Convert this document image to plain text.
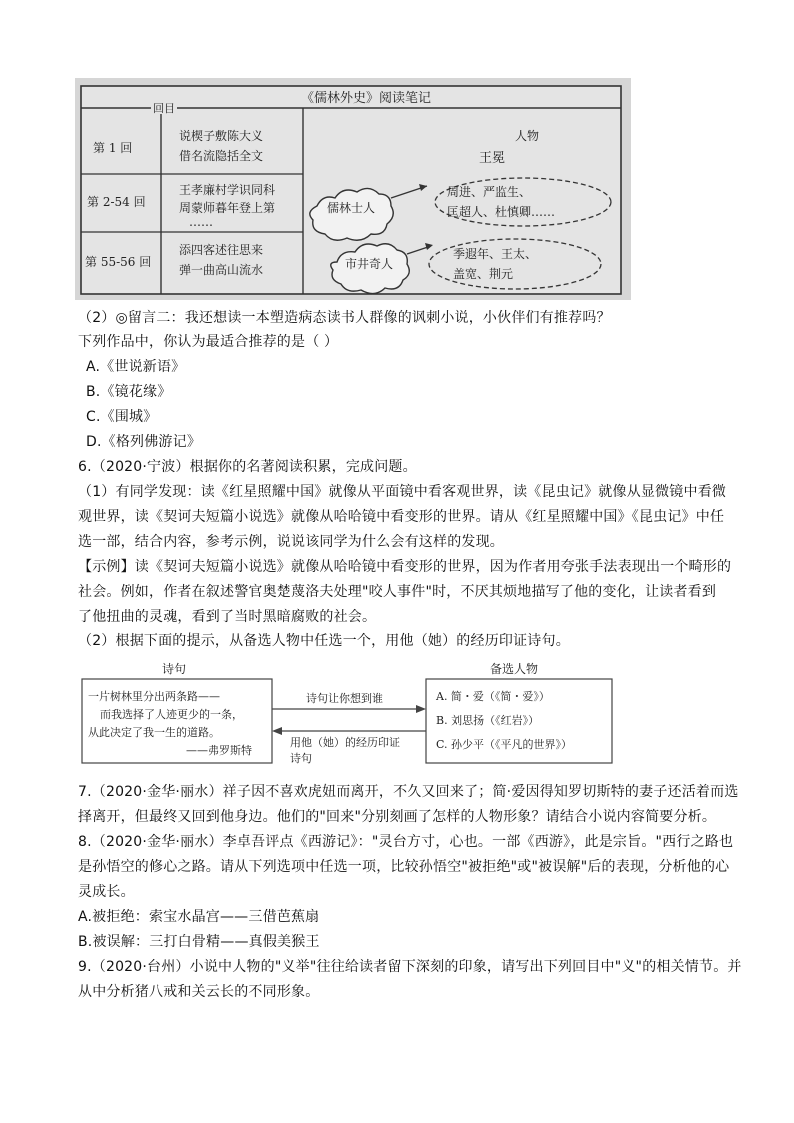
《儒林外史》阅读笔记
回目
人物
第 1 回
说楔子敷陈大义
借名流隐括全文	王冕
第 2-54 回
王孝廉村学识同科
周蒙师暮年登上第
……
儒林士人
周进、严监生、
匡超人、杜慎卿……
第 55-56 回
添四客述往思来
弹一曲高山流水	市井奇人
季遐年、王太、
盖宽、荆元
（2）◎留言二：我还想读一本塑造病态读书人群像的讽刺小说，小伙伴们有推荐吗？
下列作品中，你认为最适合推荐的是（ ）
A.《世说新语》
B.《镜花缘》
C.《围城》
D.《格列佛游记》
6.（2020·宁波）根据你的名著阅读积累，完成问题。
（1）有同学发现：读《红星照耀中国》就像从平面镜中看客观世界，读《昆虫记》就像从显微镜中看微
观世界，读《契诃夫短篇小说选》就像从哈哈镜中看变形的世界。请从《红星照耀中国》《昆虫记》中任
选一部，结合内容，参考示例，说说该同学为什么会有这样的发现。
【示例】读《契诃夫短篇小说选》就像从哈哈镜中看变形的世界，因为作者用夸张手法表现出一个畸形的
社会。例如，作者在叙述警官奥楚蔑洛夫处理"咬人事件"时，不厌其烦地描写了他的变化，让读者看到
了他扭曲的灵魂，看到了当时黑暗腐败的社会。
（2）根据下面的提示，从备选人物中任选一个，用他（她）的经历印证诗句。
诗句
一片树林里分出两条路——
而我选择了人迹更少的一条，
从此决定了我一生的道路。
——弗罗斯特
诗句让你想到谁
用他（她）的经历印证
诗句
备选人物
A. 简・爱（《简・爱》）
B. 刘思扬（《红岩》）
C. 孙少平（《平凡的世界》）
7.（2020·金华·丽水）祥子因不喜欢虎妞而离开，不久又回来了；简·爱因得知罗切斯特的妻子还活着而选
择离开，但最终又回到他身边。他们的"回来"分别刻画了怎样的人物形象？请结合小说内容简要分析。
8.（2020·金华·丽水）李卓吾评点《西游记》："灵台方寸，心也。一部《西游》，此是宗旨。"西行之路也
是孙悟空的修心之路。请从下列选项中任选一项，比较孙悟空"被拒绝"或"被误解"后的表现，分析他的心
灵成长。
A.被拒绝：索宝水晶宫——三借芭蕉扇
B.被误解：三打白骨精——真假美猴王
9.（2020·台州）小说中人物的"义举"往往给读者留下深刻的印象，请写出下列回目中"义"的相关情节。并
从中分析猪八戒和关云长的不同形象。
